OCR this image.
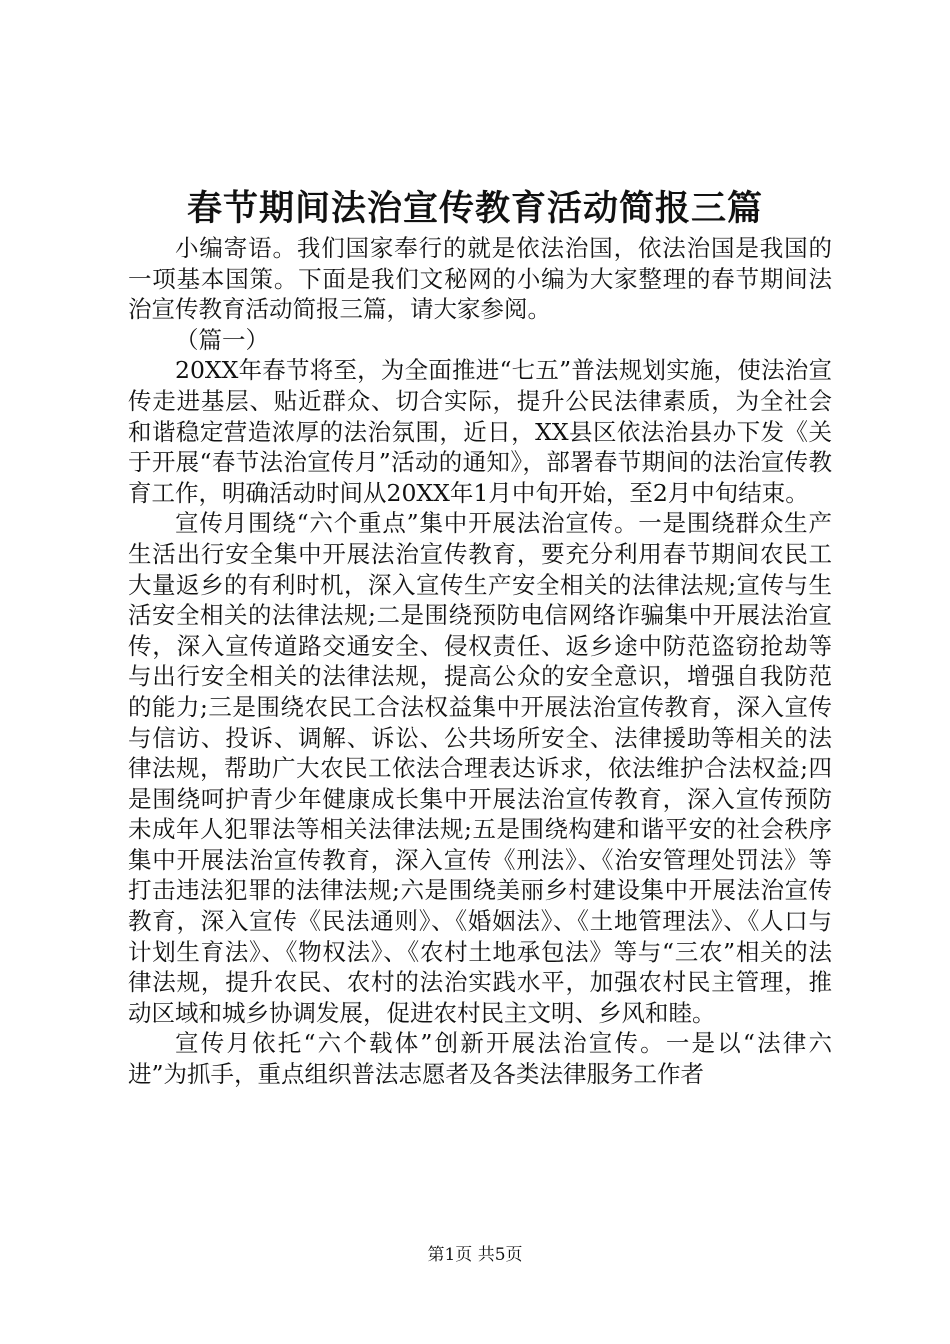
春节期间法治宣传教育活动简报三篇

小编寄语。我们国家奉行的就是依法治国，依法治国是我国的一项基本国策。下面是我们文秘网的小编为大家整理的春节期间法治宣传教育活动简报三篇，请大家参阅。

（篇一）

20XX年春节将至，为全面推进“七五”普法规划实施，使法治宣传走进基层、贴近群众、切合实际，提升公民法律素质，为全社会和谐稳定营造浓厚的法治氛围，近日，XX县区依法治县办下发《关于开展“春节法治宣传月”活动的通知》，部署春节期间的法治宣传教育工作，明确活动时间从20XX年1月中旬开始，至2月中旬结束。

宣传月围绕“六个重点”集中开展法治宣传。一是围绕群众生产生活出行安全集中开展法治宣传教育，要充分利用春节期间农民工大量返乡的有利时机，深入宣传生产安全相关的法律法规;宣传与生活安全相关的法律法规;二是围绕预防电信网络诈骗集中开展法治宣传，深入宣传道路交通安全、侵权责任、返乡途中防范盗窃抢劫等与出行安全相关的法律法规，提高公众的安全意识，增强自我防范的能力;三是围绕农民工合法权益集中开展法治宣传教育，深入宣传与信访、投诉、调解、诉讼、公共场所安全、法律援助等相关的法律法规，帮助广大农民工依法合理表达诉求，依法维护合法权益;四是围绕呵护青少年健康成长集中开展法治宣传教育，深入宣传预防未成年人犯罪法等相关法律法规;五是围绕构建和谐平安的社会秩序集中开展法治宣传教育，深入宣传《刑法》、《治安管理处罚法》等打击违法犯罪的法律法规;六是围绕美丽乡村建设集中开展法治宣传教育，深入宣传《民法通则》、《婚姻法》、《土地管理法》、《人口与计划生育法》、《物权法》、《农村土地承包法》等与“三农”相关的法律法规，提升农民、农村的法治实践水平，加强农村民主管理，推动区域和城乡协调发展，促进农村民主文明、乡风和睦。

宣传月依托“六个载体”创新开展法治宣传。一是以“法律六进”为抓手，重点组织普法志愿者及各类法律服务工作者

第1页 共5页
